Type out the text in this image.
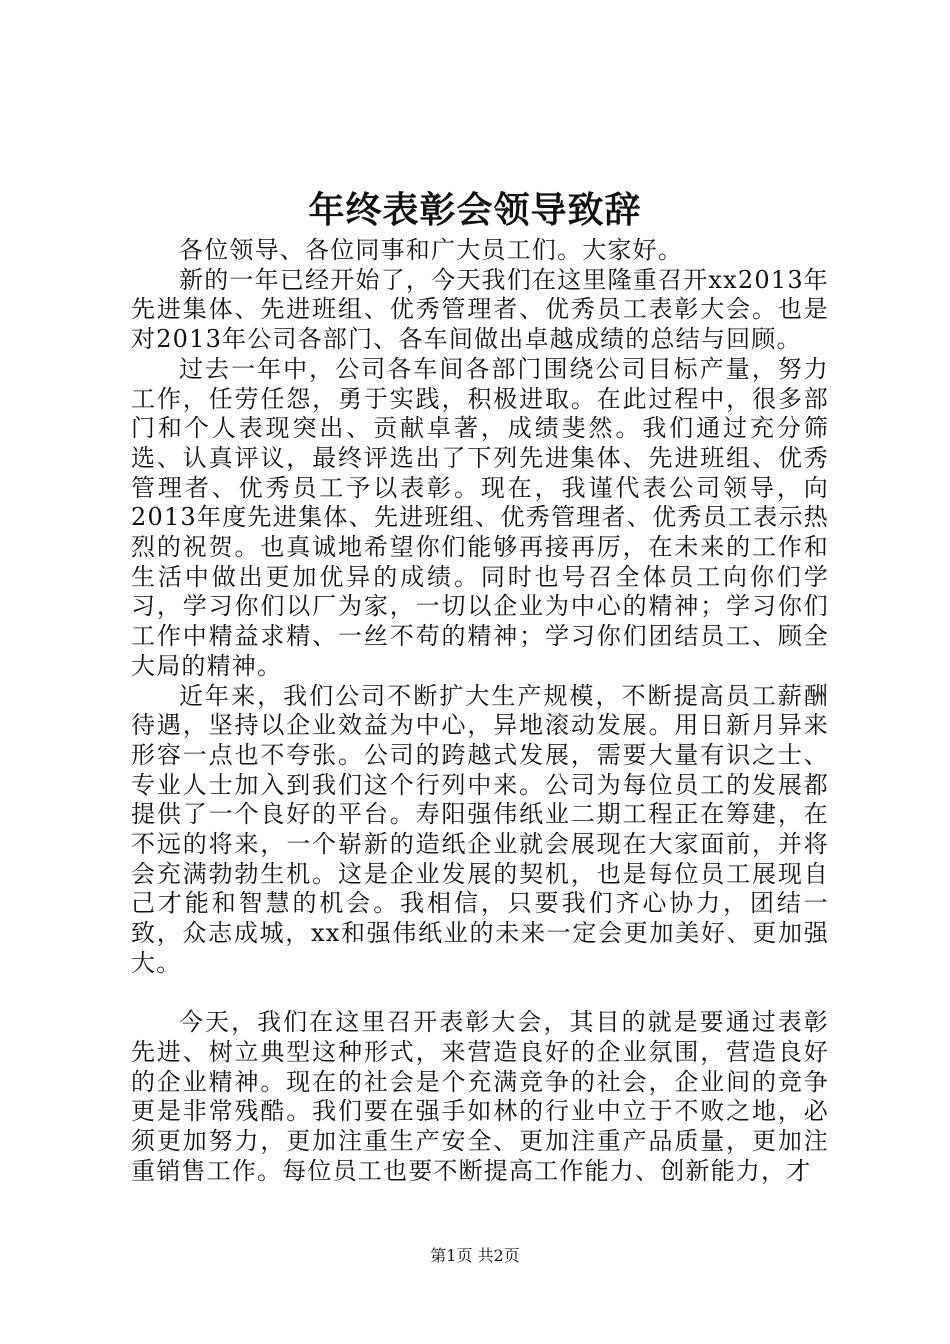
年终表彰会领导致辞

各位领导、各位同事和广大员工们。大家好。

新的一年已经开始了，今天我们在这里隆重召开xx2013年先进集体、先进班组、优秀管理者、优秀员工表彰大会。也是对2013年公司各部门、各车间做出卓越成绩的总结与回顾。

过去一年中，公司各车间各部门围绕公司目标产量，努力工作，任劳任怨，勇于实践，积极进取。在此过程中，很多部门和个人表现突出、贡献卓著，成绩斐然。我们通过充分筛选、认真评议，最终评选出了下列先进集体、先进班组、优秀管理者、优秀员工予以表彰。现在，我谨代表公司领导，向2013年度先进集体、先进班组、优秀管理者、优秀员工表示热烈的祝贺。也真诚地希望你们能够再接再厉，在未来的工作和生活中做出更加优异的成绩。同时也号召全体员工向你们学习，学习你们以厂为家，一切以企业为中心的精神；学习你们工作中精益求精、一丝不苟的精神；学习你们团结员工、顾全大局的精神。

近年来，我们公司不断扩大生产规模，不断提高员工薪酬待遇，坚持以企业效益为中心，异地滚动发展。用日新月异来形容一点也不夸张。公司的跨越式发展，需要大量有识之士、专业人士加入到我们这个行列中来。公司为每位员工的发展都提供了一个良好的平台。寿阳强伟纸业二期工程正在筹建，在不远的将来，一个崭新的造纸企业就会展现在大家面前，并将会充满勃勃生机。这是企业发展的契机，也是每位员工展现自己才能和智慧的机会。我相信，只要我们齐心协力，团结一致，众志成城，xx和强伟纸业的未来一定会更加美好、更加强大。

今天，我们在这里召开表彰大会，其目的就是要通过表彰先进、树立典型这种形式，来营造良好的企业氛围，营造良好的企业精神。现在的社会是个充满竞争的社会，企业间的竞争更是非常残酷。我们要在强手如林的行业中立于不败之地，必须更加努力，更加注重生产安全、更加注重产品质量，更加注重销售工作。每位员工也要不断提高工作能力、创新能力，才

第1页 共2页
